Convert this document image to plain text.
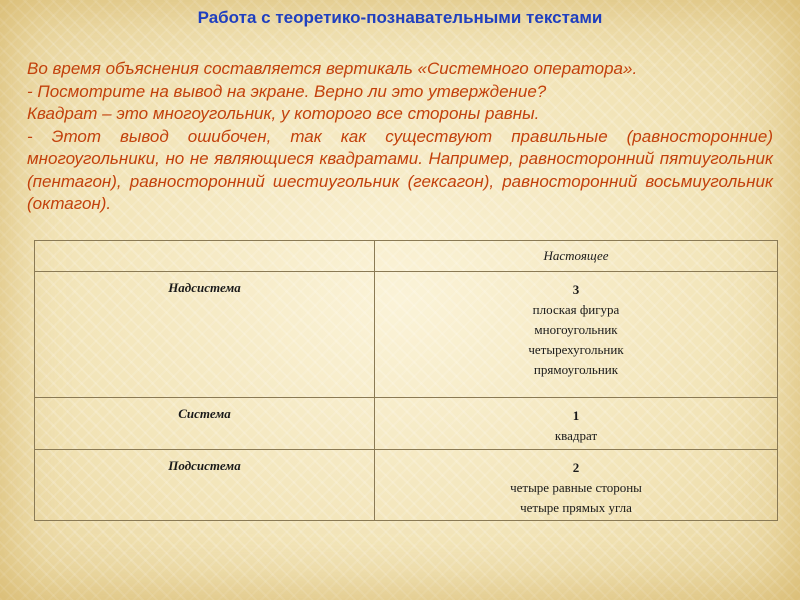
Работа с теоретико-познавательными текстами

Во время объяснения составляется вертикаль «Системного оператора».

- Посмотрите на вывод на экране. Верно ли это утверждение?

Квадрат – это многоугольник, у которого все стороны равны.

- Этот вывод ошибочен, так как существуют правильные (равносторонние) многоугольники, но не являющиеся квадратами. Например, равносторонний пятиугольник (пентагон), равносторонний шестиугольник (гексагон), равносторонний восьмиугольник (октагон).

	Настоящее
Надсистема	3
плоская фигура
многоугольник
четырехугольник
прямоугольник

Система	1
квадрат

Подсистема	2
четыре равные стороны
четыре прямых угла
